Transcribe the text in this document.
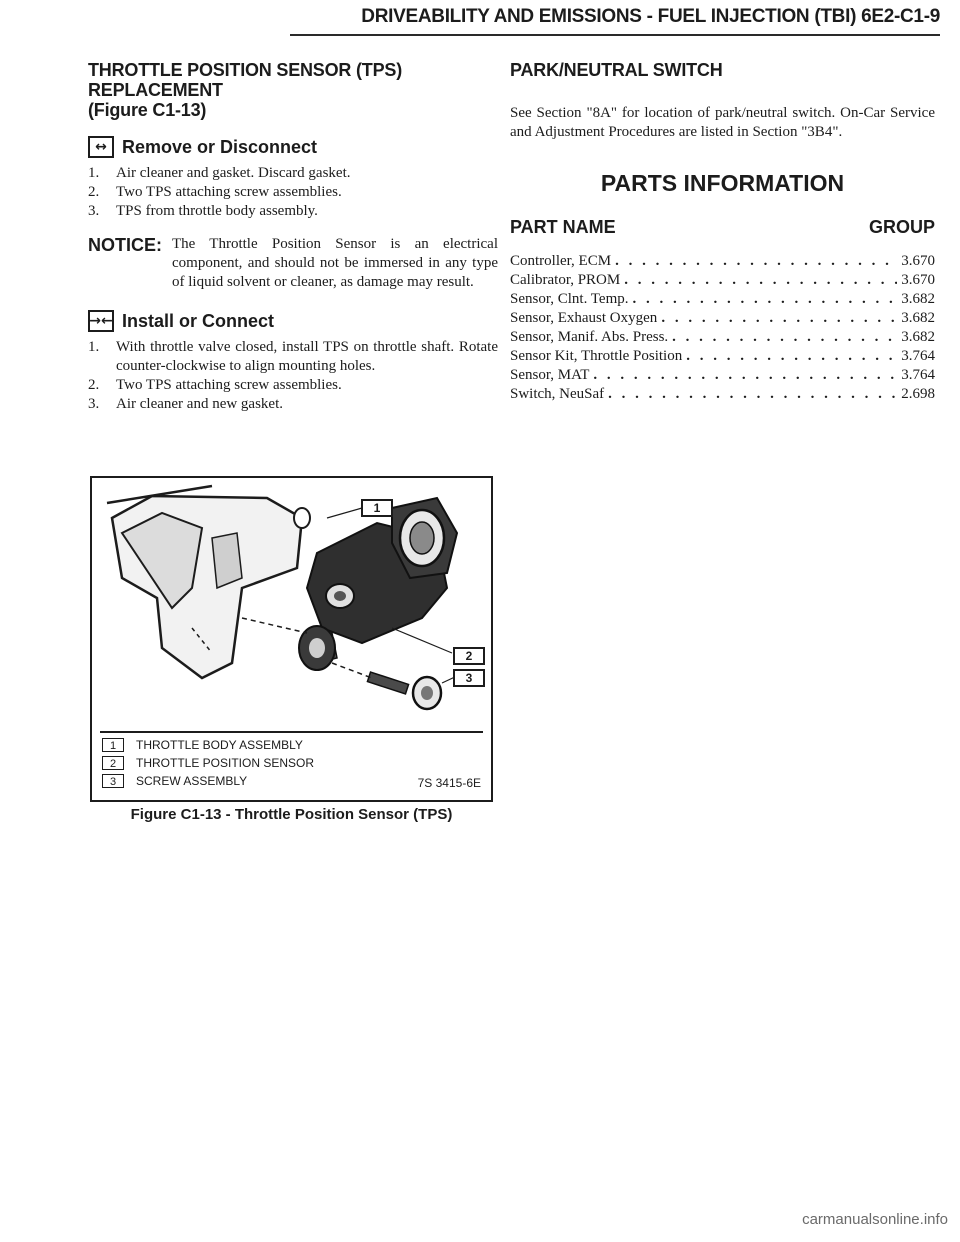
DRIVEABILITY AND EMISSIONS - FUEL INJECTION (TBI) 6E2-C1-9
THROTTLE POSITION SENSOR (TPS)
REPLACEMENT
(Figure C1-13)
↔ Remove or Disconnect
1.	Air cleaner and gasket. Discard gasket.
2.	Two TPS attaching screw assemblies.
3.	TPS from throttle body assembly.
NOTICE: The Throttle Position Sensor is an electrical component, and should not be immersed in any type of liquid solvent or cleaner, as damage may result.
→← Install or Connect
1.	With throttle valve closed, install TPS on throttle shaft. Rotate counter-clockwise to align mounting holes.
2.	Two TPS attaching screw assemblies.
3.	Air cleaner and new gasket.
1
2
3
1	THROTTLE BODY ASSEMBLY
2	THROTTLE POSITION SENSOR
3	SCREW ASSEMBLY	7S 3415-6E
Figure C1-13 - Throttle Position Sensor (TPS)
PARK/NEUTRAL SWITCH
See Section "8A" for location of park/neutral switch. On-Car Service and Adjustment Procedures are listed in Section "3B4".
PARTS INFORMATION
PART NAME	GROUP
Controller, ECM . . .	3.670
Calibrator, PROM . . .	3.670
Sensor, Clnt. Temp. . . .	3.682
Sensor, Exhaust Oxygen . . .	3.682
Sensor, Manif. Abs. Press. . . .	3.682
Sensor Kit, Throttle Position . . .	3.764
Sensor, MAT . . .	3.764
Switch, NeuSaf . . .	2.698
carmanualsonline.info
